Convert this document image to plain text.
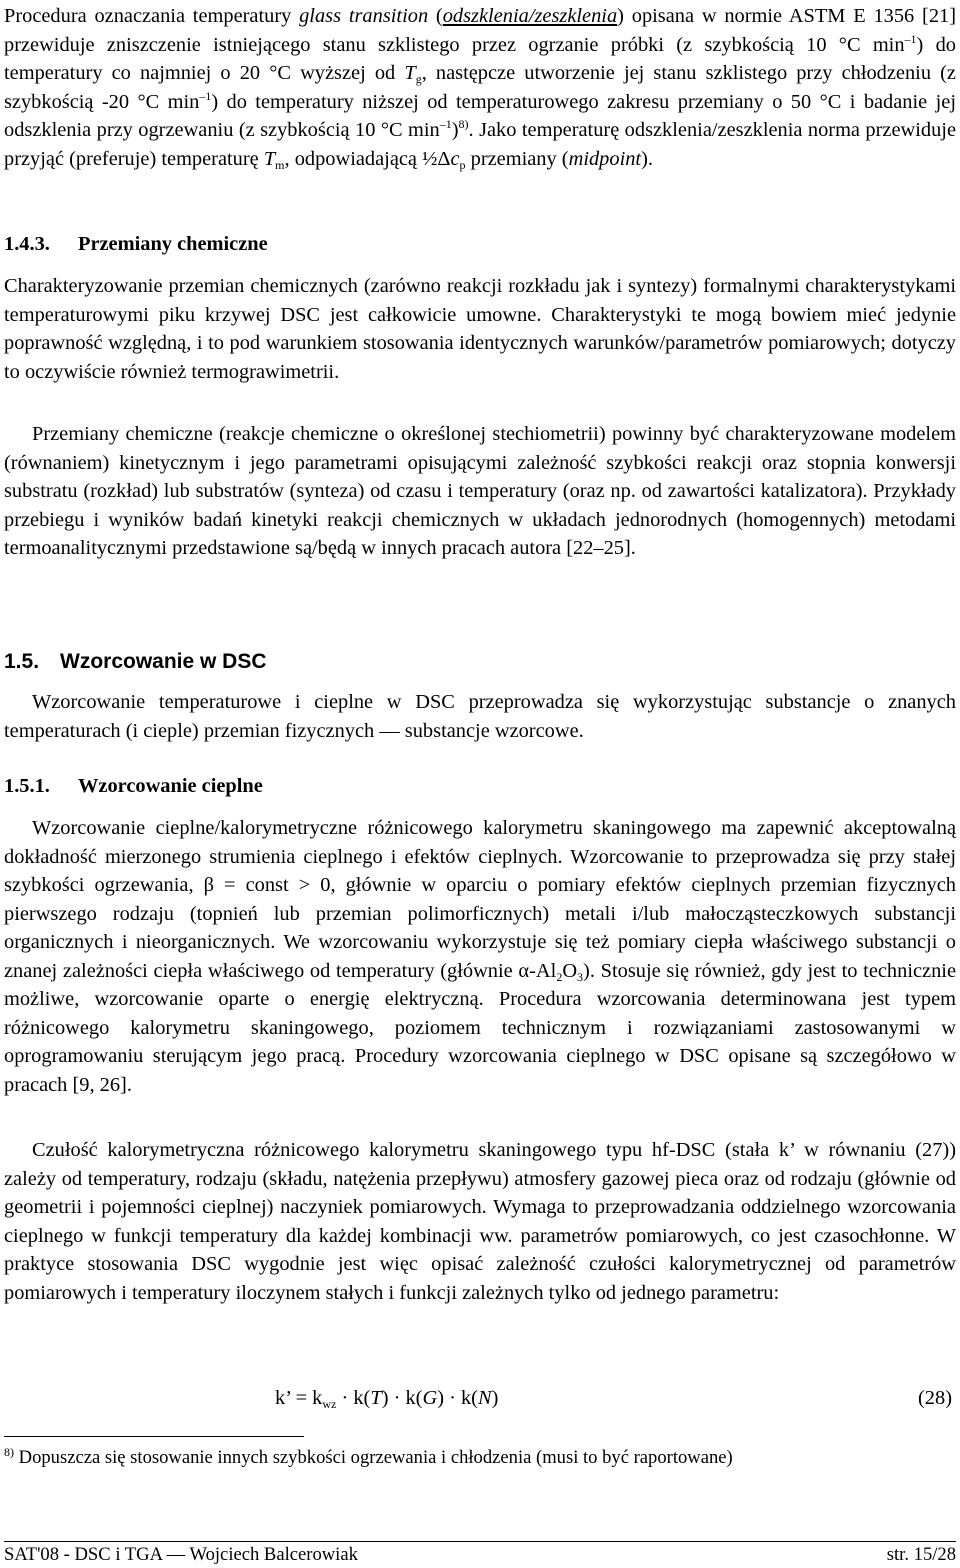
Procedura oznaczania temperatury glass transition (odszklenia/zeszklenia) opisana w normie ASTM E 1356 [21] przewiduje zniszczenie istniejącego stanu szklistego przez ogrzanie próbki (z szybkością 10 °C $\min^{-1}$) do temperatury co najmniej o 20 °C wyższej od $T_g$, następcze utworzenie jej stanu szklistego przy chłodzeniu (z szybkością -20 °C $\min^{-1}$) do temperatury niższej od temperaturowego zakresu przemiany o 50 °C i badanie jej odszklenia przy ogrzewaniu (z szybkością 10 °C $\min^{-1})^{8)}$. Jako temperaturę odszklenia/zeszklenia norma przewiduje przyjąć (preferuje) temperaturę $T_m$, odpowiadającą $\frac{1}{2}\Delta c_p$ przemiany (midpoint).

1.4.3. Przemiany chemiczne

Charakteryzowanie przemian chemicznych (zarówno reakcji rozkładu jak i syntezy) formalnymi charakterystykami temperaturowymi piku krzywej DSC jest całkowicie umowne. Charakterystyki te mogą bowiem mieć jedynie poprawność względną, i to pod warunkiem stosowania identycznych warunków/parametrów pomiarowych; dotyczy to oczywiście również termograwimetrii.

Przemiany chemiczne (reakcje chemiczne o określonej stechiometrii) powinny być charakteryzowane modelem (równaniem) kinetycznym i jego parametrami opisującymi zależność szybkości reakcji oraz stopnia konwersji substratu (rozkład) lub substratów (synteza) od czasu i temperatury (oraz np. od zawartości katalizatora). Przykłady przebiegu i wyników badań kinetyki reakcji chemicznych w układach jednorodnych (homogennych) metodami termoanalitycznymi przedstawione są/będą w innych pracach autora [22–25].

1.5. Wzorcowanie w DSC

Wzorcowanie temperaturowe i cieplne w DSC przeprowadza się wykorzystując substancje o znanych temperaturach (i cieple) przemian fizycznych — substancje wzorcowe.

1.5.1. Wzorcowanie cieplne

Wzorcowanie cieplne/kalorymetryczne różnicowego kalorymetru skaningowego ma zapewnić akceptowalną dokładność mierzonego strumienia cieplnego i efektów cieplnych. Wzorcowanie to przeprowadza się przy stałej szybkości ogrzewania, β = const > 0, głównie w oparciu o pomiary efektów cieplnych przemian fizycznych pierwszego rodzaju (topnień lub przemian polimorficznych) metali i/lub małocząsteczkowych substancji organicznych i nieorganicznych. We wzorcowaniu wykorzystuje się też pomiary ciepła właściwego substancji o znanej zależności ciepła właściwego od temperatury (głównie $\alpha-Al_2O_3$). Stosuje się również, gdy jest to technicznie możliwe, wzorcowanie oparte o energię elektryczną. Procedura wzorcowania determinowana jest typem różnicowego kalorymetru skaningowego, poziomem technicznym i rozwiązaniami zastosowanymi w oprogramowaniu sterującym jego pracą. Procedury wzorcowania cieplnego w DSC opisane są szczegółowo w pracach [9, 26].

Czułość kalorymetryczna różnicowego kalorymetru skaningowego typu hf-DSC (stała k’ w równaniu (27)) zależy od temperatury, rodzaju (składu, natężenia przepływu) atmosfery gazowej pieca oraz od rodzaju (głównie od geometrii i pojemności cieplnej) naczyniek pomiarowych. Wymaga to przeprowadzania oddzielnego wzorcowania cieplnego w funkcji temperatury dla każdej kombinacji ww. parametrów pomiarowych, co jest czasochłonne. W praktyce stosowania DSC wygodnie jest więc opisać zależność czułości kalorymetrycznej od parametrów pomiarowych i temperatury iloczynem stałych i funkcji zależnych tylko od jednego parametru:

k’ = $k_{wz} \cdot k(T) \cdot k(G) \cdot k(N)$	(28)
$^{8)}$ Dopuszcza się stosowanie innych szybkości ogrzewania i chłodzenia (musi to być raportowane)
SAT'08 - DSC i TGA — Wojciech Balcerowiak	str. 15/28
